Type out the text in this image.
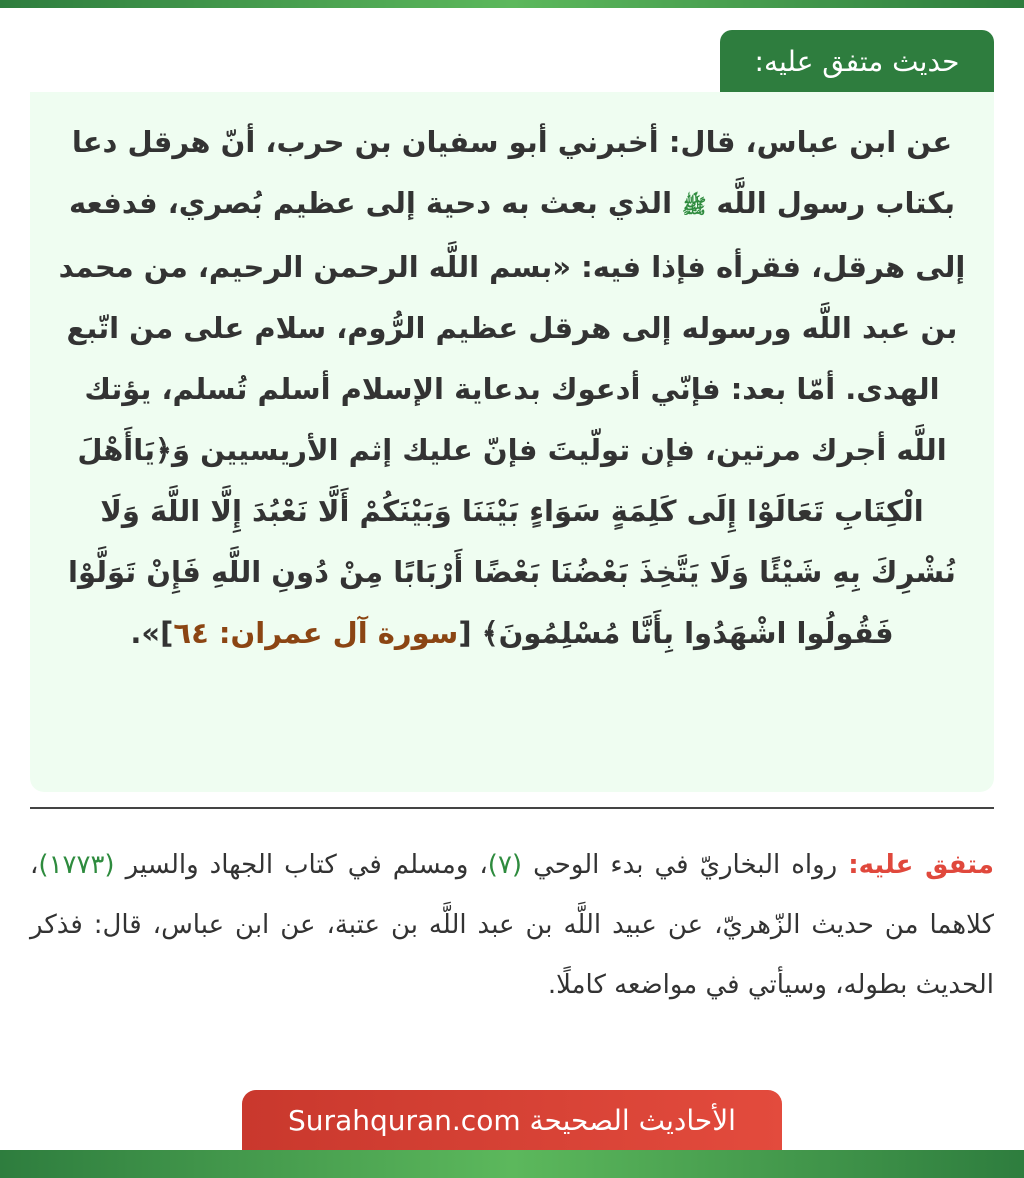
حديث متفق عليه:
عن ابن عباس، قال: أخبرني أبو سفيان بن حرب، أنّ هرقل دعا بكتاب رسول اللَّه ﷺ الذي بعث به دحية إلى عظيم بُصري، فدفعه إلى هرقل، فقرأه فإذا فيه: «بسم اللَّه الرحمن الرحيم، من محمد بن عبد اللَّه ورسوله إلى هرقل عظيم الرُّوم، سلام على من اتّبع الهدى. أمّا بعد: فإنّي أدعوك بدعاية الإسلام أسلم تُسلم، يؤتك اللَّه أجرك مرتين، فإن تولّيتَ فإنّ عليك إثم الأريسيين وَ﴿يَاأَهْلَ الْكِتَابِ تَعَالَوْا إِلَى كَلِمَةٍ سَوَاءٍ بَيْنَنَا وَبَيْنَكُمْ أَلَّا نَعْبُدَ إِلَّا اللَّهَ وَلَا نُشْرِكَ بِهِ شَيْئًا وَلَا يَتَّخِذَ بَعْضُنَا بَعْضًا أَرْبَابًا مِنْ دُونِ اللَّهِ فَإِنْ تَوَلَّوْا فَقُولُوا اشْهَدُوا بِأَنَّا مُسْلِمُونَ﴾ [سورة آل عمران: ٦٤]».
متفق عليه: رواه البخاريّ في بدء الوحي (٧)، ومسلم في كتاب الجهاد والسير (١٧٧٣)، كلاهما من حديث الزّهريّ، عن عبيد اللَّه بن عبد اللَّه بن عتبة، عن ابن عباس، قال: فذكر الحديث بطوله، وسيأتي في مواضعه كاملًا.
الأحاديث الصحيحة Surahquran.com
